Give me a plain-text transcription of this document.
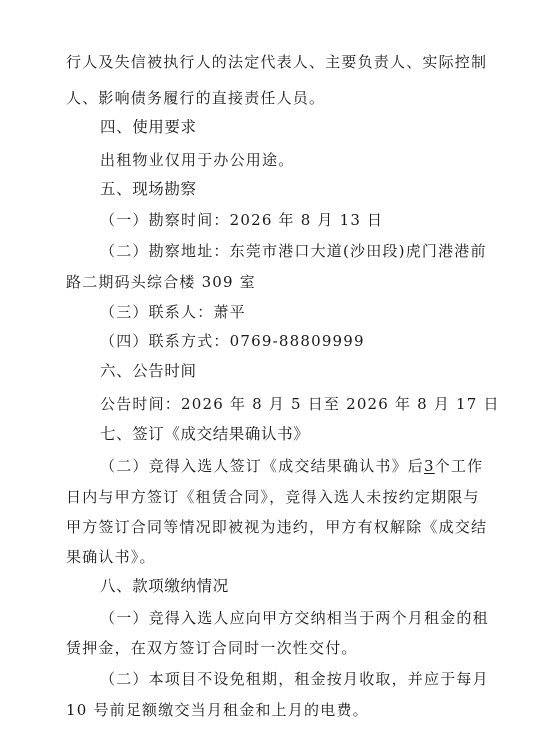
行人及失信被执行人的法定代表人、主要负责人、实际控制
人、影响债务履行的直接责任人员。
四、使用要求
出租物业仅用于办公用途。
五、现场勘察
（一）勘察时间：2026 年 8 月 13 日
（二）勘察地址：东莞市港口大道(沙田段)虎门港港前
路二期码头综合楼 309 室
（三）联系人：萧平
（四）联系方式：0769-88809999
六、公告时间
公告时间：2026 年 8 月 5 日至 2026 年 8 月 17 日
七、签订《成交结果确认书》
（二）竞得入选人签订《成交结果确认书》后3个工作
日内与甲方签订《租赁合同》，竞得入选人未按约定期限与
甲方签订合同等情况即被视为违约，甲方有权解除《成交结
果确认书》。
八、款项缴纳情况
（一）竞得入选人应向甲方交纳相当于两个月租金的租
赁押金，在双方签订合同时一次性交付。
（二）本项目不设免租期，租金按月收取，并应于每月
10 号前足额缴交当月租金和上月的电费。
